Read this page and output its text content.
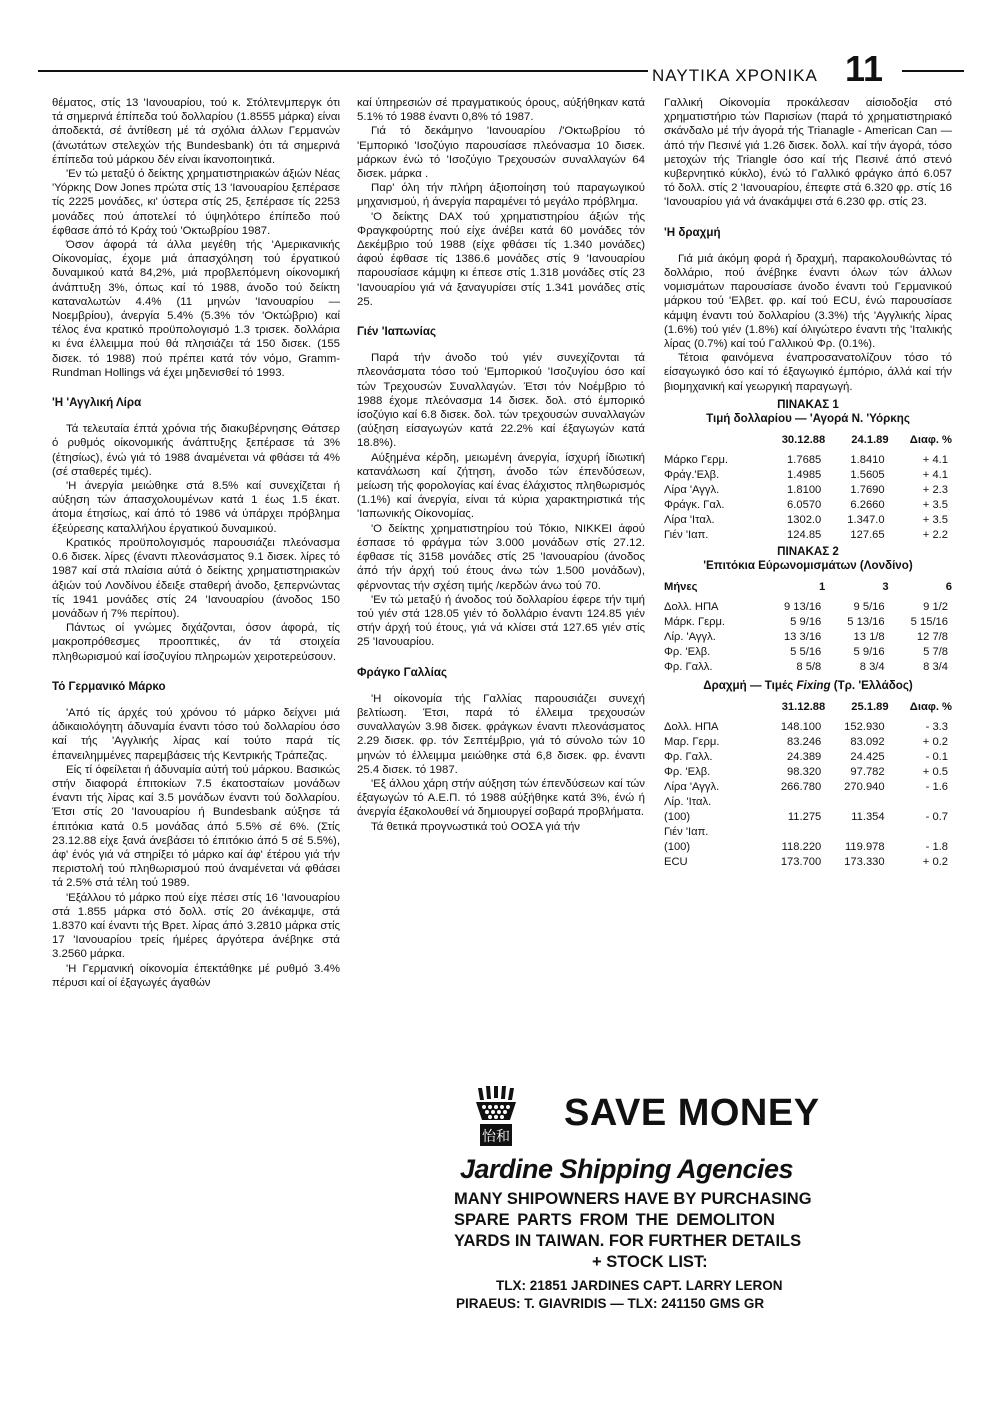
ΝΑΥΤΙΚΑ ΧΡΟΝΙΚΑ 11

θέματος, στίς 13 'Ιανουαρίου, τού κ. Στόλτενμπεργκ ότι τά σημερινά έπίπεδα τού δολλαρίου (1.8555 μάρκα) είναι άποδεκτά, σέ άντίθεση μέ τά σχόλια άλλων Γερμανών (άνωτάτων στελεχών τής Bundesbank) ότι τά σημερινά έπίπεδα τού μάρκου δέν είναι ίκανοποιητικά.

'Εν τώ μεταξύ ό δείκτης χρηματιστηριακών άξιών Νέας 'Υόρκης Dow Jones πρώτα στίς 13 'Ιανουαρίου ξεπέρασε τίς 2225 μονάδες, κι' ύστερα στίς 25, ξεπέρασε τίς 2253 μονάδες πού άποτελεί τό ύψηλότερο έπίπεδο πού έφθασε άπό τό Κράχ τού 'Οκτωβρίου 1987.

Όσον άφορά τά άλλα μεγέθη τής 'Αμερικανικής Οίκονομίας, έχομε μιά άπασχόληση τού έργατικού δυναμικού κατά 84,2%, μιά προβλεπόμενη οίκονομική άνάπτυξη 3%, όπως καί τό 1988, άνοδο τού δείκτη καταναλωτών 4.4% (11 μηνών 'Ιανουαρίου — Νοεμβρίου), άνεργία 5.4% (5.3% τόν 'Οκτώβριο) καί τέλος ένα κρατικό προϋπολογισμό 1.3 τρισεκ. δολλάρια κι ένα έλλειμμα πού θά πλησιάζει τά 150 δισεκ. (155 δισεκ. τό 1988) πού πρέπει κατά τόν νόμο, Gramm-Rundman Hollings νά έχει μηδενισθεί τό 1993.

'Η 'Αγγλική Λίρα

Τά τελευταία έπτά χρόνια τής διακυβέρνησης Θάτσερ ό ρυθμός οίκονομικής άνάπτυξης ξεπέρασε τά 3% (έτησίως), ένώ γιά τό 1988 άναμένεται νά φθάσει τά 4% (σέ σταθερές τιμές).

'Η άνεργία μειώθηκε στά 8.5% καί συνεχίζεται ή αύξηση τών άπασχολουμένων κατά 1 έως 1.5 έκατ. άτομα έτησίως, καί άπό τό 1986 νά ύπάρχει πρόβλημα έξεύρεσης καταλλήλου έργατικού δυναμικού.

Κρατικός προϋπολογισμός παρουσιάζει πλεόνασμα 0.6 δισεκ. λίρες (έναντι πλεονάσματος 9.1 δισεκ. λίρες τό 1987 καί στά πλαίσια αύτά ό δείκτης χρηματιστηριακών άξιών τού Λονδίνου έδειξε σταθερή άνοδο, ξεπερνώντας τίς 1941 μονάδες στίς 24 'Ιανουαρίου (άνοδος 150 μονάδων ή 7% περίπου).

Πάντως οί γνώμες διχάζονται, όσον άφορά, τίς μακροπρόθεσμες προοπτικές, άν τά στοιχεία πληθωρισμού καί ίσοζυγίου πληρωμών χειροτερεύσουν.

Τό Γερμανικό Μάρκο

'Από τίς άρχές τού χρόνου τό μάρκο δείχνει μιά άδικαιολόγητη άδυναμία έναντι τόσο τού δολλαρίου όσο καί τής 'Αγγλικής λίρας καί τούτο παρά τίς έπανειλημμένες παρεμβάσεις τής Κεντρικής Τράπεζας.

Είς τί όφείλεται ή άδυναμία αύτή τού μάρκου. Βασικώς στήν διαφορά έπιτοκίων 7.5 έκατοσταίων μονάδων έναντι τής λίρας καί 3.5 μονάδων έναντι τού δολλαρίου. Έτσι στίς 20 'Ιανουαρίου ή Bundesbank αύξησε τά έπιτόκια κατά 0.5 μονάδας άπό 5.5% σέ 6%. (Στίς 23.12.88 είχε ξανά άνεβάσει τό έπιτόκιο άπό 5 σέ 5.5%), άφ' ένός γιά νά στηρίξει τό μάρκο καί άφ' έτέρου γιά τήν περιστολή τού πληθωρισμού πού άναμένεται νά φθάσει τά 2.5% στά τέλη τού 1989.

'Εξάλλου τό μάρκο πού είχε πέσει στίς 16 'Ιανουαρίου στά 1.855 μάρκα στό δολλ. στίς 20 άνέκαμψε, στά 1.8370 καί έναντι τής Βρετ. λίρας άπό 3.2810 μάρκα στίς 17 'Ιανουαρίου τρείς ήμέρες άργότερα άνέβηκε στά 3.2560 μάρκα.

'Η Γερμανική οίκονομία έπεκτάθηκε μέ ρυθμό 3.4% πέρυσι καί οί έξαγωγές άγαθών

καί ύπηρεσιών σέ πραγματικούς όρους, αύξήθηκαν κατά 5.1% τό 1988 έναντι 0,8% τό 1987.

Γιά τό δεκάμηνο 'Ιανουαρίου /'Οκτωβρίου τό 'Εμπορικό 'Ισοζύγιο παρουσίασε πλεόνασμα 10 δισεκ. μάρκων ένώ τό 'Ισοζύγιο Τρεχουσών συναλλαγών 64 δισεκ. μάρκα .

Παρ' όλη τήν πλήρη άξιοποίηση τού παραγωγικού μηχανισμού, ή άνεργία παραμένει τό μεγάλο πρόβλημα.

'Ο δείκτης DAX τού χρηματιστηρίου άξιών τής Φραγκφούρτης πού είχε άνέβει κατά 60 μονάδες τόν Δεκέμβριο τού 1988 (είχε φθάσει τίς 1.340 μονάδες) άφού έφθασε τίς 1386.6 μονάδες στίς 9 'Ιανουαρίου παρουσίασε κάμψη κι έπεσε στίς 1.318 μονάδες στίς 23 'Ιανουαρίου γιά νά ξαναγυρίσει στίς 1.341 μονάδες στίς 25.

Γιέν 'Ιαπωνίας

Παρά τήν άνοδο τού γιέν συνεχίζονται τά πλεονάσματα τόσο τού 'Εμπορικού 'Ισοζυγίου όσο καί τών Τρεχουσών Συναλλαγών. Έτσι τόν Νοέμβριο τό 1988 έχομε πλεόνασμα 14 δισεκ. δολ. στό έμπορικό ίσοζύγιο καί 6.8 δισεκ. δολ. τών τρεχουσών συναλλαγών (αύξηση είσαγωγών κατά 22.2% καί έξαγωγών κατά 18.8%).

Αύξημένα κέρδη, μειωμένη άνεργία, ίσχυρή ίδιωτική κατανάλωση καί ζήτηση, άνοδο τών έπενδύσεων, μείωση τής φορολογίας καί ένας έλάχιστος πληθωρισμός (1.1%) καί άνεργία, είναι τά κύρια χαρακτηριστικά τής 'Ιαπωνικής Οίκονομίας.

'Ο δείκτης χρηματιστηρίου τού Τόκιο, NIKKEI άφού έσπασε τό φράγμα τών 3.000 μονάδων στίς 27.12. έφθασε τίς 3158 μονάδες στίς 25 'Ιανουαρίου (άνοδος άπό τήν άρχή τού έτους άνω τών 1.500 μονάδων), φέρνοντας τήν σχέση τιμής /κερδών άνω τού 70.

'Εν τώ μεταξύ ή άνοδος τού δολλαρίου έφερε τήν τιμή τού γιέν στά 128.05 γιέν τό δολλάριο έναντι 124.85 γιέν στήν άρχή τού έτους, γιά νά κλίσει στά 127.65 γιέν στίς 25 'Ιανουαρίου.

Φράγκο Γαλλίας

'Η οίκονομία τής Γαλλίας παρουσιάζει συνεχή βελτίωση. Έτσι, παρά τό έλλειμα τρεχουσών συναλλαγών 3.98 δισεκ. φράγκων έναντι πλεονάσματος 2.29 δισεκ. φρ. τόν Σεπτέμβριο, γιά τό σύνολο τών 10 μηνών τό έλλειμμα μειώθηκε στά 6,8 δισεκ. φρ. έναντι 25.4 δισεκ. τό 1987.

'Εξ άλλου χάρη στήν αύξηση τών έπενδύσεων καί τών έξαγωγών τό Α.Ε.Π. τό 1988 αύξήθηκε κατά 3%, ένώ ή άνεργία έξακολουθεί νά δημιουργεί σοβαρά προβλήματα.

Τά θετικά προγνωστικά τού ΟΟΣΑ γιά τήν

Γαλλική Οίκονομία προκάλεσαν αίσιοδοξία στό χρηματιστήριο τών Παρισίων (παρά τό χρηματιστηριακό σκάνδαλο μέ τήν άγορά τής Trianagle - American Can — άπό τήν Πεσινέ γιά 1.26 δισεκ. δολλ. καί τήν άγορά, τόσο μετοχών τής Triangle όσο καί τής Πεσινέ άπό στενό κυβερνητικό κύκλο), ένώ τό Γαλλικό φράγκο άπό 6.057 τό δολλ. στίς 2 'Ιανουαρίου, έπεφτε στά 6.320 φρ. στίς 16 'Ιανουαρίου γιά νά άνακάμψει στά 6.230 φρ. στίς 23.

'Η δραχμή

Γιά μιά άκόμη φορά ή δραχμή, παρακολουθώντας τό δολλάριο, πού άνέβηκε έναντι όλων τών άλλων νομισμάτων παρουσίασε άνοδο έναντι τού Γερμανικού μάρκου τού 'Ελβετ. φρ. καί τού ECU, ένώ παρουσίασε κάμψη έναντι τού δολλαρίου (3.3%) τής 'Αγγλικής λίρας (1.6%) τού γιέν (1.8%) καί όλιγώτερο έναντι τής 'Ιταλικής λίρας (0.7%) καί τού Γαλλικού Φρ. (0.1%).

Τέτοια φαινόμενα έναπροσανατολίζουν τόσο τό είσαγωγικό όσο καί τό έξαγωγικό έμπόριο, άλλά καί τήν βιομηχανική καί γεωργική παραγωγή.

ΠΙΝΑΚΑΣ 1
Τιμή δολλαρίου — 'Αγορά Ν. 'Υόρκης
	30.12.88	24.1.89	Διαφ. %
Μάρκο Γερμ.	1.7685	1.8410	+ 4.1
Φράγ.'Ελβ.	1.4985	1.5605	+ 4.1
Λίρα 'Αγγλ.	1.8100	1.7690	+ 2.3
Φράγκ. Γαλ.	6.0570	6.2660	+ 3.5
Λίρα 'Ιταλ.	1302.0	1.347.0	+ 3.5
Γιέν 'Ιαπ.	124.85	127.65	+ 2.2
ΠΙΝΑΚΑΣ 2
'Επιτόκια Εύρωνομισμάτων (Λονδίνο)
Μήνες	1	3	6
Δολλ. ΗΠΑ	9 13/16	9 5/16	9 1/2
Μάρκ. Γερμ.	5 9/16	5 13/16	5 15/16
Λίρ. 'Αγγλ.	13 3/16	13 1/8	12 7/8
Φρ. 'Ελβ.	5 5/16	5 9/16	5 7/8
Φρ. Γαλλ.	8 5/8	8 3/4	8 3/4
Δραχμή — Τιμές Fixing (Τρ. 'Ελλάδος)
	31.12.88	25.1.89	Διαφ. %
Δολλ. ΗΠΑ	148.100	152.930	- 3.3
Μαρ. Γερμ.	83.246	83.092	+ 0.2
Φρ. Γαλλ.	24.389	24.425	- 0.1
Φρ. 'Ελβ.	98.320	97.782	+ 0.5
Λίρα 'Αγγλ.	266.780	270.940	- 1.6
Λίρ. 'Ιταλ.			
(100)	11.275	11.354	- 0.7
Γιέν 'Ιαπ.			
(100)	118.220	119.978	- 1.8
ECU	173.700	173.330	+ 0.2
怡和
SAVE MONEY
Jardine Shipping Agencies
MANY SHIPOWNERS HAVE BY PURCHASING
SPARE PARTS FROM THE DEMOLITON
YARDS IN TAIWAN. FOR FURTHER DETAILS
+ STOCK LIST:
TLX: 21851 JARDINES CAPT. LARRY LERON
PIRAEUS: T. GIAVRIDIS — TLX: 241150 GMS GR
